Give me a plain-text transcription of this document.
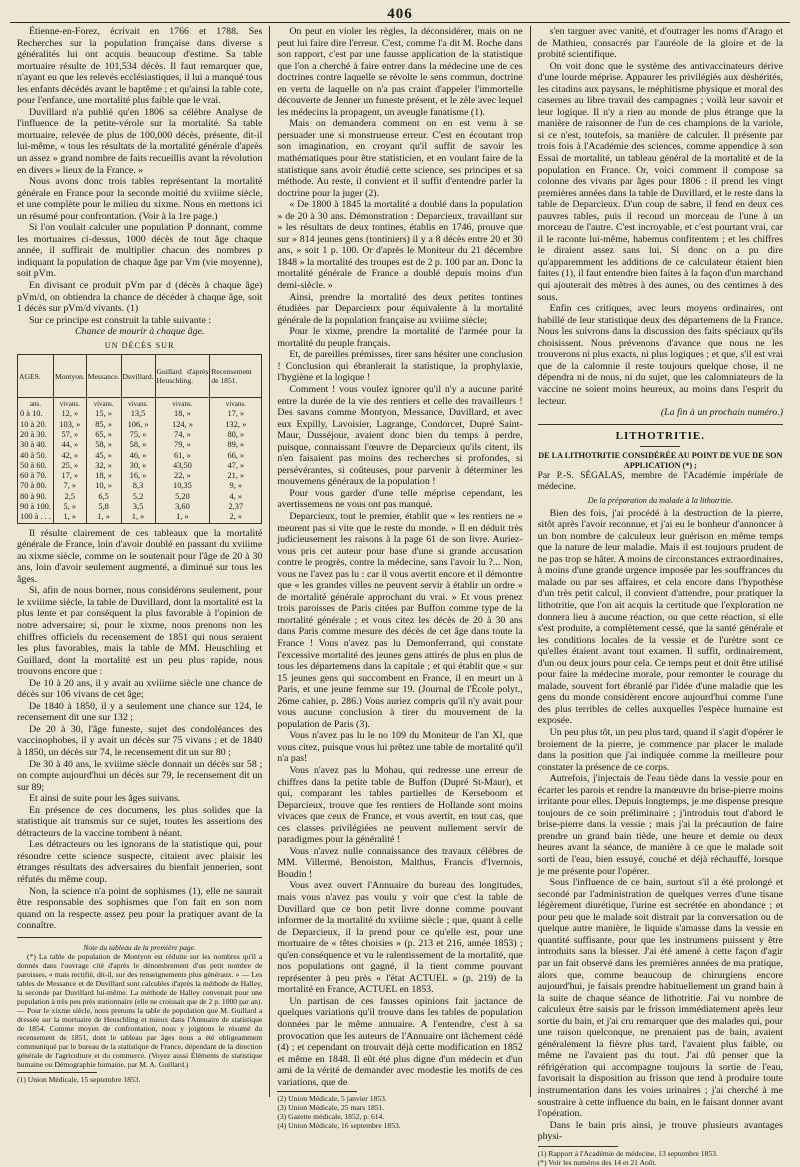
406

Étienne-en-Forez, écrivait en 1766 et 1788. Ses Recherches sur la population française dans diverse s généralités lui ont acquis beaucoup d'estime. Sa table mortuaire résulte de 101,534 décès. Il faut remarquer que, n'ayant eu que les relevés ecclésiastiques, il lui a manqué tous les enfants décédés avant le baptême ; et qu'ainsi la table cote, pour l'enfance, une mortalité plus faible que le vrai.

Duvillard n'a publié qu'en 1806 sa célèbre Analyse de l'influence de la petite-vérole sur la mortalité. Sa table mortuaire, relevée de plus de 100,000 décès, présente, dit-il lui-même, « tous les résultats de la mortalité générale d'après un assez » grand nombre de faits recueillis avant la révolution en divers » lieux de la France. »

Nous avons donc trois tables représentant la mortalité générale en France pour la seconde moitié du xviiime siècle, et une complète pour le milieu du xixme. Nous en mettons ici un résumé pour confrontation. (Voir à la 1re page.)

Si l'on voulait calculer une population P donnant, comme les mortuaires ci-dessus, 1000 décès de tout âge chaque année, il suffirait de multiplier chacun des nombres p indiquant la population de chaque âge par Vm (vie moyenne), soit pVm.

En divisant ce produit pVm par d (décès à chaque âge) pVm/d, on obtiendra la chance de décéder à chaque âge, soit 1 décès sur pVm/d vivants. (1)

Sur ce principe est construit la table suivante :

Chance de mourir à chaque âge.

UN DÉCÈS SUR
AGES.	Montyon.	Messance.	Duvillard.	Guillard d'après Heuschling.	Recensement de 1851.
ans.	vivans.	vivans.	vivans.	vivans.	vivans.
0 à 10.	12, »	15, »	13,5	18, »	17, »
10 à 20.	103, »	85, »	106, »	124, »	132, »
20 à 30.	57, »	65, »	75, »	74, »	80, »
30 à 40.	44, »	58, »	58, »	79, »	89, »
40 à 50.	42, »	45, »	46, »	61, »	66, »
50 à 60.	25, »	32, »	30, »	43,50	47, »
60 à 70.	17, »	18, »	16, »	22, »	21, »
70 à 80.	7, »	10, »	8,3	10,35	9, »
80 à 90.	2,5	6,5	5,2	5,20	4, »
90 à 100.	5, »	5,8	3,5	3,60	2,37
100 à . . .	1, »	1, »	1, »	1, »	2, »

Il résulte clairement de ces tableaux que la mortalité générale de France, loin d'avoir doublé en passant du xviiime au xixme siècle, comme on le soutenait pour l'âge de 20 à 30 ans, loin d'avoir seulement augmenté, a diminué sur tous les âges.

Si, afin de nous borner, nous considérons seulement, pour le xviiime siècle, la table de Duvillard, dont la mortalité est la plus lente et par conséquent la plus favorable à l'opinion de notre adversaire; si, pour le xixme, nous prenons non les chiffres officiels du recensement de 1851 qui nous seraient les plus favorables, mais la table de MM. Heuschling et Guillard, dont la mortalité est un peu plus rapide, nous trouvons encore que :

De 10 à 20 ans, il y avait au xviiime siècle une chance de décès sur 106 vivans de cet âge;

De 1840 à 1850, il y a seulement une chance sur 124, le recensement dit une sur 132 ;

De 20 à 30, l'âge funeste, sujet des condoléances des vaccinophobes, il y avait un décès sur 75 vivans ; et de 1840 à 1850, un décès sur 74, le recensement dit un sur 80 ;

De 30 à 40 ans, le xviiime siècle donnait un décès sur 58 ; on compte aujourd'hui un décès sur 79, le recensement dit un sur 89;

Et ainsi de suite pour les âges suivans.

En présence de ces documens, les plus solides que la statistique ait transmis sur ce sujet, toutes les assertions des détracteurs de la vaccine tombent à néant.

Les détracteurs ou les ignorans de la statistique qui, pour résoudre cette science suspecte, citaient avec plaisir les étranges résultats des adversaires du bienfait jennerien, sont réfutés du même coup.

Non, la science n'a point de sophismes (1), elle ne saurait être responsable des sophismes que l'on fait en son nom quand on la respecte assez peu pour la pratiquer avant de la connaître.

Note du tableau de la première page.

(*) La table de population de Montyon est réduite sur les nombres qu'il a donnés dans l'ouvrage cité d'après le dénombrement d'un petit nombre de paroisses, « mais rectifié, dit-il, sur des renseignements plus généraux. » — Les tables de Messance et de Duvillard sont calculées d'après la méthode de Halley, la seconde par Duvillard lui-même. La méthode de Halley convenait pour une population à très peu près stationnaire (elle ne croissait que de 2 p. 1000 par an). — Pour le xixme siècle, nous prenons la table de population que M. Guillard a dressée sur la mortuaire de Heuschling et mieux dans l'Annuaire de statistique de 1854. Comme moyen de confrontation, nous y joignons le résumé du recensement de 1851, dont le tableau par âges nous a été obligeamment communiqué par le bureau de la statistique de France, dépendant de la direction générale de l'agriculture et du commerce. (Voyez aussi Éléments de statistique humaine ou Démographie humaine, par M. A. Guillard.)

(1) Union Médicale, 15 septembre 1853.

On peut en violer les règles, la déconsidérer, mais on ne peut lui faire dire l'erreur. C'est, comme l'a dit M. Roche dans son rapport, c'est par une fausse application de la statistique que l'on a cherché à faire entrer dans la médecine une de ces doctrines contre laquelle se révolte le sens commun, doctrine en vertu de laquelle on n'a pas craint d'appeler l'immortelle découverte de Jenner un funeste présent, et le zèle avec lequel les médecins la propagent, un aveugle fanatisme (1).

Mais on demandera comment on en est venu à se persuader une si monstrueuse erreur. C'est en écoutant trop son imagination, en croyant qu'il suffit de savoir les mathématiques pour être statisticien, et en voulant faire de la statistique sans avoir étudié cette science, ses principes et sa méthode. Au reste, il convient et il suffit d'entendre parler la doctrine pour la juger (2).

« De 1800 à 1845 la mortalité a doublé dans la population » de 20 à 30 ans. Démonstration : Deparcieux, travaillant sur » les résultats de deux tontines, établis en 1746, prouve que sur » 814 jeunes gens (tontiniers) il y a 8 décès entre 20 et 30 ans, » soit 1 p. 100. Or d'après le Moniteur du 21 décembre 1848 » la mortalité des troupes est de 2 p. 100 par an. Donc la mortalité générale de France a doublé depuis moins d'un demi-siècle. »

Ainsi, prendre la mortalité des deux petites tontines étudiées par Deparcieux pour équivalente à la mortalité générale de la population française au xviiime siècle;

Pour le xixme, prendre la mortalité de l'armée pour la mortalité du peuple français.

Et, de pareilles prémisses, tirer sans hésiter une conclusion ! Conclusion qui ébranlerait la statistique, la prophylaxie, l'hygiène et la logique !

Comment ! vous voulez ignorer qu'il n'y a aucune parité entre la durée de la vie des rentiers et celle des travailleurs ! Des savans comme Montyon, Messance, Duvillard, et avec eux Expilly, Lavoisier, Lagrange, Condorcet, Dupré Saint-Maur, Dusséjour, avaient donc bien du temps à perdre, puisque, connaissant l'œuvre de Deparcieux qu'ils citent, ils n'en faisaient pas moins des recherches si profondes, si persévérantes, si coûteuses, pour parvenir à déterminer les mouvemens généraux de la population !

Pour vous garder d'une telle méprise cependant, les avertissemens ne vous ont pas manqué.

Deparcieux, tout le premier, établit que « les rentiers ne » meurent pas si vite que le reste du monde. » Il en déduit très judicieusement les raisons à la page 61 de son livre. Auriez-vous pris cet auteur pour base d'une si grande accusation contre le progrès, contre la médecine, sans l'avoir lu ?... Non, vous ne l'avez pas lu : car il vous avertit encore et il démontre que « les grandes villes ne peuvent servir à établir un ordre » de mortalité générale approchant du vrai. » Et vous prenez trois paroisses de Paris citées par Buffon comme type de la mortalité générale ; et vous citez les décès de 20 à 30 ans dans Paris comme mesure des décès de cet âge dans toute la France ! Vous n'avez pas lu Demonferrand, qui constate l'excessive mortalité des jeunes gens attirés de plus en plus de tous les départemens dans la capitale ; et qui établit que « sur 15 jeunes gens qui succombent en France, il en meurt un à Paris, et une jeune femme sur 19. (Journal de l'École polyt., 26me cahier, p. 286.) Vous auriez compris qu'il n'y avait pour vous aucune conclusion à tirer du mouvement de la population de Paris (3).

Vous n'avez pas lu le no 109 du Moniteur de l'an XI, que vous citez, puisque vous lui prêtez une table de mortalité qu'il n'a pas!

Vous n'avez pas lu Mohau, qui redresse une erreur de chiffres dans la petite table de Buffon (Dupré St-Maur), et qui, comparant les tables partielles de Kerseboom et Deparcieux, trouve que les rentiers de Hollande sont moins vivaces que ceux de France, et vous avertit, en tout cas, que ces classes privilégiées ne peuvent nullement servir de paradigmes pour la généralité !

Vous n'avez nulle connaissance des travaux célèbres de MM. Villermé, Benoiston, Malthus, Francis d'Ivernois, Boudin !

Vous avez ouvert l'Annuaire du bureau des longitudes, mais vous n'avez pas voulu y voir que c'est la table de Duvillard que ce bon petit livre donne comme pouvant informer de la mortalité du xviiime siècle ; que, quant à celle de Deparcieux, il la prend pour ce qu'elle est, pour une mortuaire de « têtes choisies » (p. 213 et 216, année 1853) ; qu'en conséquence et vu le ralentissement de la mortalité, que nos populations ont gagné, il la tient comme pouvant représenter à peu près « l'état ACTUEL » (p. 219) de la mortalité en France, ACTUEL en 1853.

Un partisan de ces fausses opinions fait jactance de quelques variations qu'il trouve dans les tables de population données par le même annuaire. A l'entendre, c'est à sa provocation que les auteurs de l'Annuaire ont lâchement cédé (4) ; et cependant on trouvait déjà cette modification en 1852 et même en 1848. Il eût été plus digne d'un médecin et d'un ami de la vérité de demander avec modestie les motifs de ces variations, que de

(2) Union Médicale, 5 janvier 1853.
(3) Union Médicale, 25 mars 1851.
(3) Gazette médicale, 1852, p. 614.
(4) Union Médicale, 16 septembre 1853.

s'en targuer avec vanité, et d'outrager les noms d'Arago et de Mathieu, consacrés par l'auréole de la gloire et de la probité scientifique.

On voit donc que le système des antivaccinateurs dérive d'une lourde méprise. Appaurer les privilégiés aux déshérités, les citadins aux paysans, le méphitisme physique et moral des casernes au libre travail des campagnes ; voilà leur savoir et leur logique. Il n'y a rien au monde de plus étrange que la manière de raisonner de l'un de ces champions de la variole, si ce n'est, toutefois, sa manière de calculer. Il présente par trois fois à l'Académie des sciences, comme appendice à son Essai de mortalité, un tableau général de la mortalité et de la population en France. Or, voici comment il compose sa colonne des vivans par âges pour 1806 : il prend les vingt premières années dans la table de Duvillard, et le reste dans la table de Deparcieux. D'un coup de sabre, il fend en deux ces pauvres tables, puis il recoud un morceau de l'une à un morceau de l'autre. C'est incroyable, et c'est pourtant vrai, car il le raconte lui-même, habemus confitentem ; et les chiffres le diraient assez sans lui. Si donc on a pu dire qu'apparemment les additions de ce calculateur étaient bien faites (1), il faut entendre bien faites à la façon d'un marchand qui ajouterait des mètres à des aunes, ou des centimes à des sous.

Enfin ces critiques, avec leurs moyens ordinaires, ont habillé de leur statistique deux des départemens de la France. Nous les suivrons dans la discussion des faits spéciaux qu'ils choisissent. Nous prévenons d'avance que nous ne les trouverons ni plus exacts, ni plus logiques ; et que, s'il est vrai que de la calomnie il reste toujours quelque chose, il ne dépendra ni de nous, ni du sujet, que les calomniateurs de la vaccine ne soient moins heureux, au moins dans l'esprit du lecteur.

(La fin à un prochain numéro.)

LITHOTRITIE.
DE LA LITHOTRITIE CONSIDÉRÉE AU POINT DE VUE DE SON APPLICATION (*) ;
Par P.-S. SÉGALAS, membre de l'Académie impériale de médecine.
De la préparation du malade à la lithotritie.

Bien des fois, j'ai procédé à la destruction de la pierre, sitôt après l'avoir reconnue, et j'ai eu le bonheur d'annoncer à un bon nombre de calculeux leur guérison en même temps que la nature de leur maladie. Mais il est toujours prudent de ne pas trop se hâter. A moins de circonstances extraordinaires, à moins d'une grande urgence imposée par les souffrances du malade ou par ses affaires, et cela encore dans l'hypothèse d'un très petit calcul, il convient d'attendre, pour pratiquer la lithotritie, que l'on ait acquis la certitude que l'exploration ne donnera lieu à aucune réaction, ou que cette réaction, si elle s'est produite, a complètement cessé, que la santé générale et les conditions locales de la vessie et de l'urètre sont ce qu'elles étaient avant tout examen. Il suffit, ordinairement, d'un ou deux jours pour cela. Ce temps peut et doit être utilisé pour faire la médecine morale, pour remonter le courage du malade, souvent fort ébranlé par l'idée d'une maladie que les gens du monde considèrent encore aujourd'hui comme l'une des plus terribles de celles auxquelles l'espèce humaine est exposée.

Un peu plus tôt, un peu plus tard, quand il s'agit d'opérer le broiement de la pierre, je commence par placer le malade dans la position que j'ai indiquée comme la meilleure pour constater la présence de ce corps.

Autrefois, j'injectais de l'eau tiède dans la vessie pour en écarter les parois et rendre la manœuvre du brise-pierre moins irritante pour elles. Depuis longtemps, je me dispense presque toujours de ce soin préliminaire ; j'introduis tout d'abord le brise-pierre dans la vessie ; mais j'ai la précaution de faire prendre un grand bain tiède, une heure et demie ou deux heures avant la séance, de manière à ce que le malade soit sorti de l'eau, bien essuyé, couché et déjà réchauffé, lorsque je me présente pour l'opérer.

Sous l'influence de ce bain, surtout s'il a été prolongé et secondé par l'administration de quelques verres d'une tisane légèrement diurétique, l'urine est secrétée en abondance ; et pour peu que le malade soit distrait par la conversation ou de quelque autre manière, le liquide s'amasse dans la vessie en quantité suffisante, pour que les instrumens puissent y être introduits sans la blesser. J'ai été amené à cette façon d'agir par un fait observé dans les premières années de ma pratique, alors que, comme beaucoup de chirurgiens encore aujourd'hui, je faisais prendre habituellement un grand bain à la suite de chaque séance de lithotritie. J'ai vu nombre de calculeux être saisis par le frisson immédiatement après leur sortie du bain, et j'ai cru remarquer que des malades qui, pour une raison quelconque, ne prenaient pas de bain, avaient généralement la fièvre plus tard, l'avaient plus faible, ou même ne l'avaient pas du tout. J'ai dû penser que la réfrigération qui accompagne toujours la sortie de l'eau, favorisait la disposition au frisson que tend à produire toute instrumentation dans les voies urinaires ; j'ai cherché à me soustraire à cette influence du bain, en le faisant donner avant l'opération.

Dans le bain pris ainsi, je trouve plusieurs avantages physi-

(1) Rapport à l'Académie de médecine, 13 septembre 1853.
(*) Voir les numéros des 14 et 21 Août.
